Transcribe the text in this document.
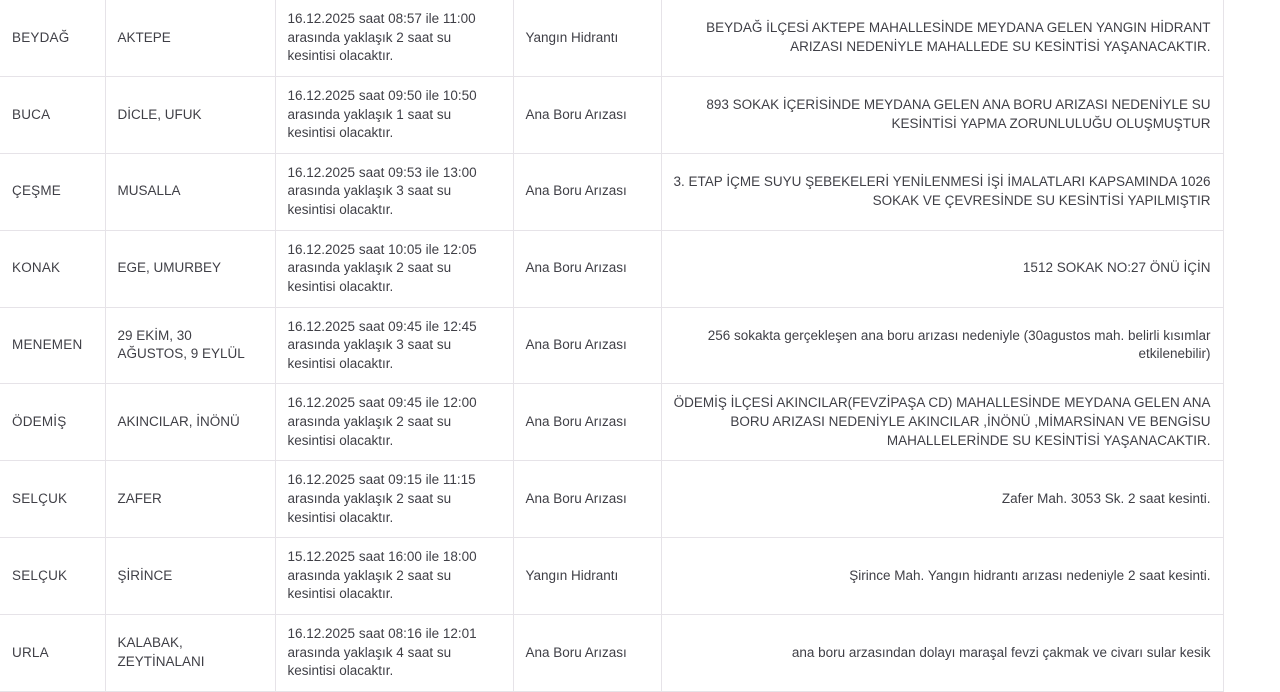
BEYDAĞ	AKTEPE	16.12.2025 saat 08:57 ile 11:00 arasında yaklaşık 2 saat su kesintisi olacaktır.	Yangın Hidrantı	BEYDAĞ İLÇESİ AKTEPE MAHALLESİNDE MEYDANA GELEN YANGIN HİDRANT ARIZASI NEDENİYLE MAHALLEDE SU KESİNTİSİ YAŞANACAKTIR.
BUCA	DİCLE, UFUK	16.12.2025 saat 09:50 ile 10:50 arasında yaklaşık 1 saat su kesintisi olacaktır.	Ana Boru Arızası	893 SOKAK İÇERİSİNDE MEYDANA GELEN ANA BORU ARIZASI NEDENİYLE SU KESİNTİSİ YAPMA ZORUNLULUĞU OLUŞMUŞTUR
ÇEŞME	MUSALLA	16.12.2025 saat 09:53 ile 13:00 arasında yaklaşık 3 saat su kesintisi olacaktır.	Ana Boru Arızası	3. ETAP İÇME SUYU ŞEBEKELERİ YENİLENMESİ İŞİ İMALATLARI KAPSAMINDA 1026 SOKAK VE ÇEVRESİNDE SU KESİNTİSİ YAPILMIŞTIR
KONAK	EGE, UMURBEY	16.12.2025 saat 10:05 ile 12:05 arasında yaklaşık 2 saat su kesintisi olacaktır.	Ana Boru Arızası	1512 SOKAK NO:27 ÖNÜ İÇİN
MENEMEN	29 EKİM, 30 AĞUSTOS, 9 EYLÜL	16.12.2025 saat 09:45 ile 12:45 arasında yaklaşık 3 saat su kesintisi olacaktır.	Ana Boru Arızası	256 sokakta gerçekleşen ana boru arızası nedeniyle (30agustos mah. belirli kısımlar etkilenebilir)
ÖDEMİŞ	AKINCILAR, İNÖNÜ	16.12.2025 saat 09:45 ile 12:00 arasında yaklaşık 2 saat su kesintisi olacaktır.	Ana Boru Arızası	ÖDEMİŞ İLÇESİ AKINCILAR(FEVZİPAŞA CD) MAHALLESİNDE MEYDANA GELEN ANA BORU ARIZASI NEDENİYLE AKINCILAR ,İNÖNÜ ,MİMARSİNAN VE BENGİSU MAHALLELERİNDE SU KESİNTİSİ YAŞANACAKTIR.
SELÇUK	ZAFER	16.12.2025 saat 09:15 ile 11:15 arasında yaklaşık 2 saat su kesintisi olacaktır.	Ana Boru Arızası	Zafer Mah. 3053 Sk. 2 saat kesinti.
SELÇUK	ŞİRİNCE	15.12.2025 saat 16:00 ile 18:00 arasında yaklaşık 2 saat su kesintisi olacaktır.	Yangın Hidrantı	Şirince Mah. Yangın hidrantı arızası nedeniyle 2 saat kesinti.
URLA	KALABAK, ZEYTİNALANI	16.12.2025 saat 08:16 ile 12:01 arasında yaklaşık 4 saat su kesintisi olacaktır.	Ana Boru Arızası	ana boru arzasından dolayı maraşal fevzi çakmak ve civarı sular kesik
